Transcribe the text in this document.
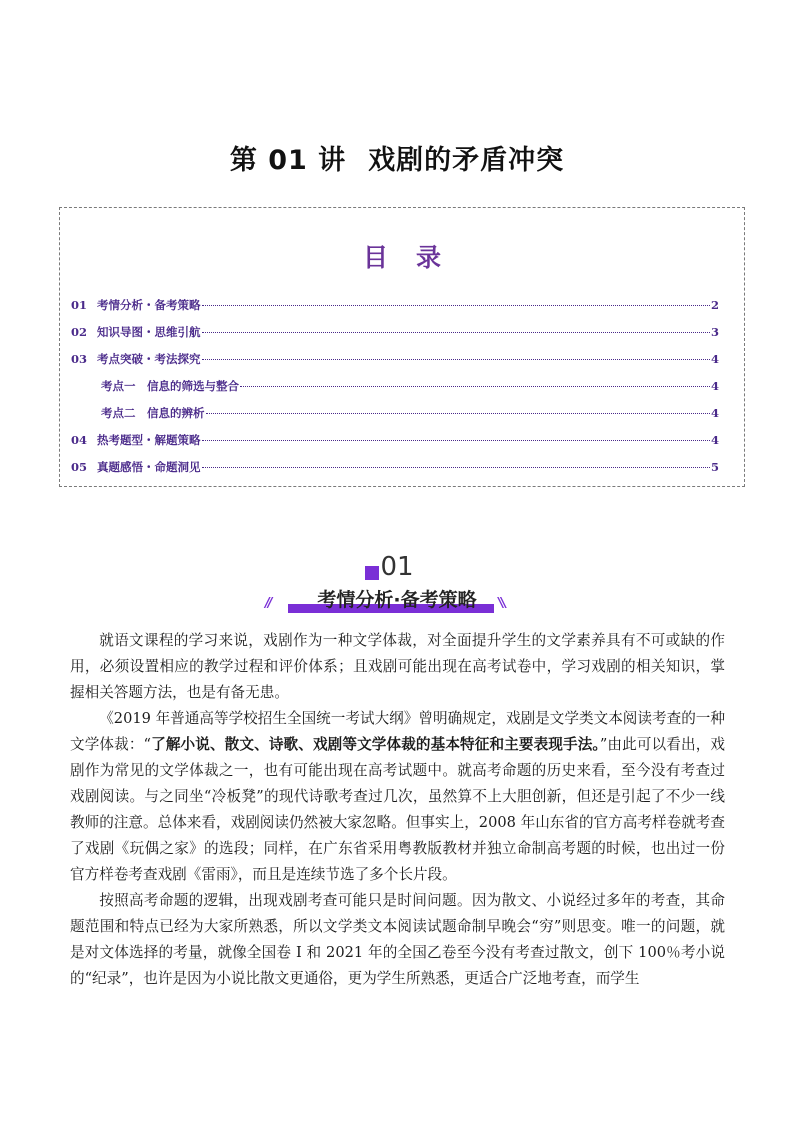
第 01 讲 戏剧的矛盾冲突
目录
01 考情分析・备考策略	2
02 知识导图・思维引航	3
03 考点突破・考法探究	4
考点一　信息的筛选与整合	4
考点二　信息的辨析	4
04 热考题型・解题策略	4
05 真题感悟・命题洞见	5
01
//	//
考情分析·备考策略

就语文课程的学习来说，戏剧作为一种文学体裁，对全面提升学生的文学素养具有不可或缺的作用，必须设置相应的教学过程和评价体系；且戏剧可能出现在高考试卷中，学习戏剧的相关知识，掌握相关答题方法，也是有备无患。

《2019 年普通高等学校招生全国统一考试大纲》曾明确规定，戏剧是文学类文本阅读考查的一种文学体裁：“了解小说、散文、诗歌、戏剧等文学体裁的基本特征和主要表现手法。”由此可以看出，戏剧作为常见的文学体裁之一，也有可能出现在高考试题中。就高考命题的历史来看，至今没有考查过戏剧阅读。与之同坐“冷板凳”的现代诗歌考查过几次，虽然算不上大胆创新，但还是引起了不少一线教师的注意。总体来看，戏剧阅读仍然被大家忽略。但事实上，2008 年山东省的官方高考样卷就考查了戏剧《玩偶之家》的选段；同样，在广东省采用粤教版教材并独立命制高考题的时候，也出过一份官方样卷考查戏剧《雷雨》，而且是连续节选了多个长片段。

按照高考命题的逻辑，出现戏剧考查可能只是时间问题。因为散文、小说经过多年的考查，其命题范围和特点已经为大家所熟悉，所以文学类文本阅读试题命制早晚会“穷”则思变。唯一的问题，就是对文体选择的考量，就像全国卷 I 和 2021 年的全国乙卷至今没有考查过散文，创下 100％考小说的“纪录”，也许是因为小说比散文更通俗，更为学生所熟悉，更适合广泛地考查，而学生
